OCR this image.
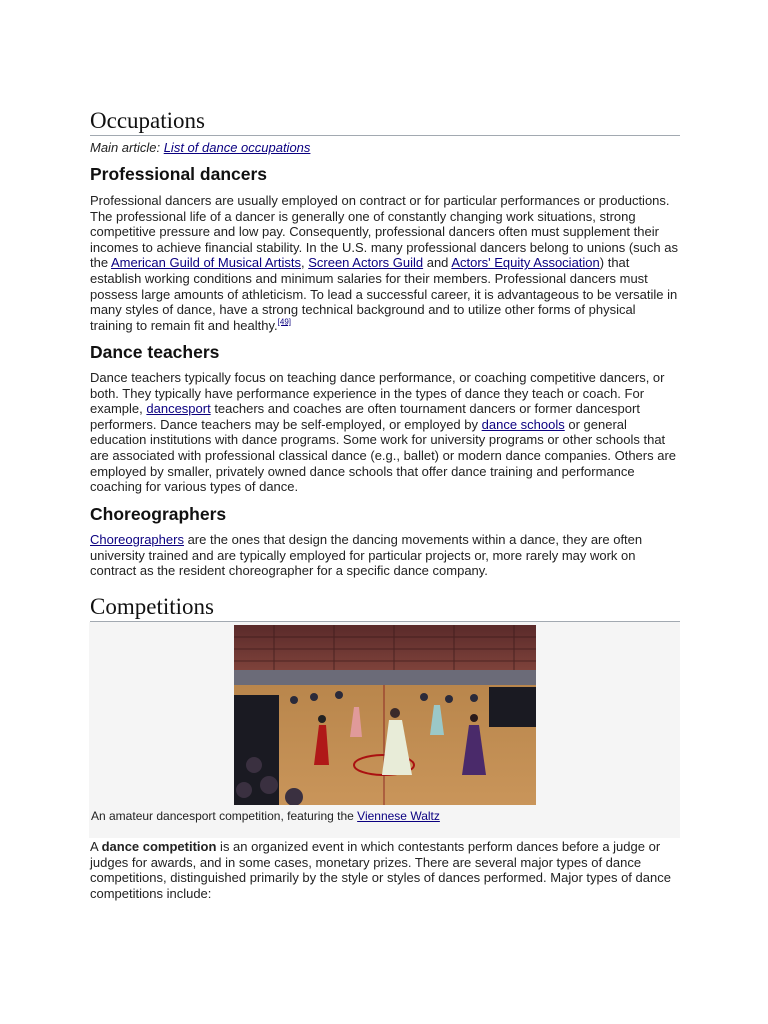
Occupations
Main article: List of dance occupations
Professional dancers

Professional dancers are usually employed on contract or for particular performances or productions. The professional life of a dancer is generally one of constantly changing work situations, strong competitive pressure and low pay. Consequently, professional dancers often must supplement their incomes to achieve financial stability. In the U.S. many professional dancers belong to unions (such as the American Guild of Musical Artists, Screen Actors Guild and Actors' Equity Association) that establish working conditions and minimum salaries for their members. Professional dancers must possess large amounts of athleticism. To lead a successful career, it is advantageous to be versatile in many styles of dance, have a strong technical background and to utilize other forms of physical training to remain fit and healthy.[49]

Dance teachers

Dance teachers typically focus on teaching dance performance, or coaching competitive dancers, or both. They typically have performance experience in the types of dance they teach or coach. For example, dancesport teachers and coaches are often tournament dancers or former dancesport performers. Dance teachers may be self-employed, or employed by dance schools or general education institutions with dance programs. Some work for university programs or other schools that are associated with professional classical dance (e.g., ballet) or modern dance companies. Others are employed by smaller, privately owned dance schools that offer dance training and performance coaching for various types of dance.

Choreographers

Choreographers are the ones that design the dancing movements within a dance, they are often university trained and are typically employed for particular projects or, more rarely may work on contract as the resident choreographer for a specific dance company.

Competitions
An amateur dancesport competition, featuring the Viennese Waltz

A dance competition is an organized event in which contestants perform dances before a judge or judges for awards, and in some cases, monetary prizes. There are several major types of dance competitions, distinguished primarily by the style or styles of dances performed. Major types of dance competitions include:
